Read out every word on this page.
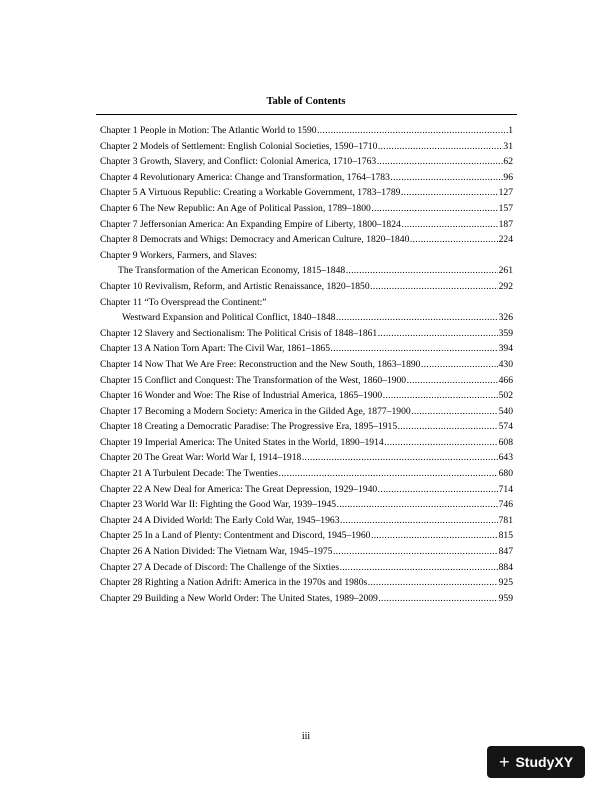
Table of Contents
Chapter 1 People in Motion: The Atlantic World to 1590 .....	1
Chapter 2 Models of Settlement: English Colonial Societies, 1590–1710 .....	31
Chapter 3 Growth, Slavery, and Conflict: Colonial America, 1710–1763 .....	62
Chapter 4 Revolutionary America: Change and Transformation, 1764–1783 .....	96
Chapter 5 A Virtuous Republic: Creating a Workable Government, 1783–1789 .....	127
Chapter 6 The New Republic: An Age of Political Passion, 1789–1800 .....	157
Chapter 7 Jeffersonian America: An Expanding Empire of Liberty, 1800–1824 .....	187
Chapter 8 Democrats and Whigs: Democracy and American Culture, 1820–1840 .....	224
Chapter 9 Workers, Farmers, and Slaves:
The Transformation of the American Economy, 1815–1848 .....	261
Chapter 10 Revivalism, Reform, and Artistic Renaissance, 1820–1850 .....	292
Chapter 11 “To Overspread the Continent:”
Westward Expansion and Political Conflict, 1840–1848 .....	326
Chapter 12 Slavery and Sectionalism: The Political Crisis of 1848–1861 .....	359
Chapter 13 A Nation Torn Apart: The Civil War, 1861–1865 .....	394
Chapter 14 Now That We Are Free: Reconstruction and the New South, 1863–1890 .....	430
Chapter 15 Conflict and Conquest: The Transformation of the West, 1860–1900 .....	466
Chapter 16 Wonder and Woe: The Rise of Industrial America, 1865–1900 .....	502
Chapter 17 Becoming a Modern Society: America in the Gilded Age, 1877–1900 .....	540
Chapter 18 Creating a Democratic Paradise: The Progressive Era, 1895–1915 .....	574
Chapter 19 Imperial America: The United States in the World, 1890–1914 .....	608
Chapter 20 The Great War: World War I, 1914–1918 .....	643
Chapter 21 A Turbulent Decade: The Twenties .....	680
Chapter 22 A New Deal for America: The Great Depression, 1929–1940 .....	714
Chapter 23 World War II: Fighting the Good War, 1939–1945 .....	746
Chapter 24 A Divided World: The Early Cold War, 1945–1963 .....	781
Chapter 25 In a Land of Plenty: Contentment and Discord, 1945–1960 .....	815
Chapter 26 A Nation Divided: The Vietnam War, 1945–1975 .....	847
Chapter 27 A Decade of Discord: The Challenge of the Sixties .....	884
Chapter 28 Righting a Nation Adrift: America in the 1970s and 1980s .....	925
Chapter 29 Building a New World Order: The United States, 1989–2009 .....	959
iii
+ StudyXY
